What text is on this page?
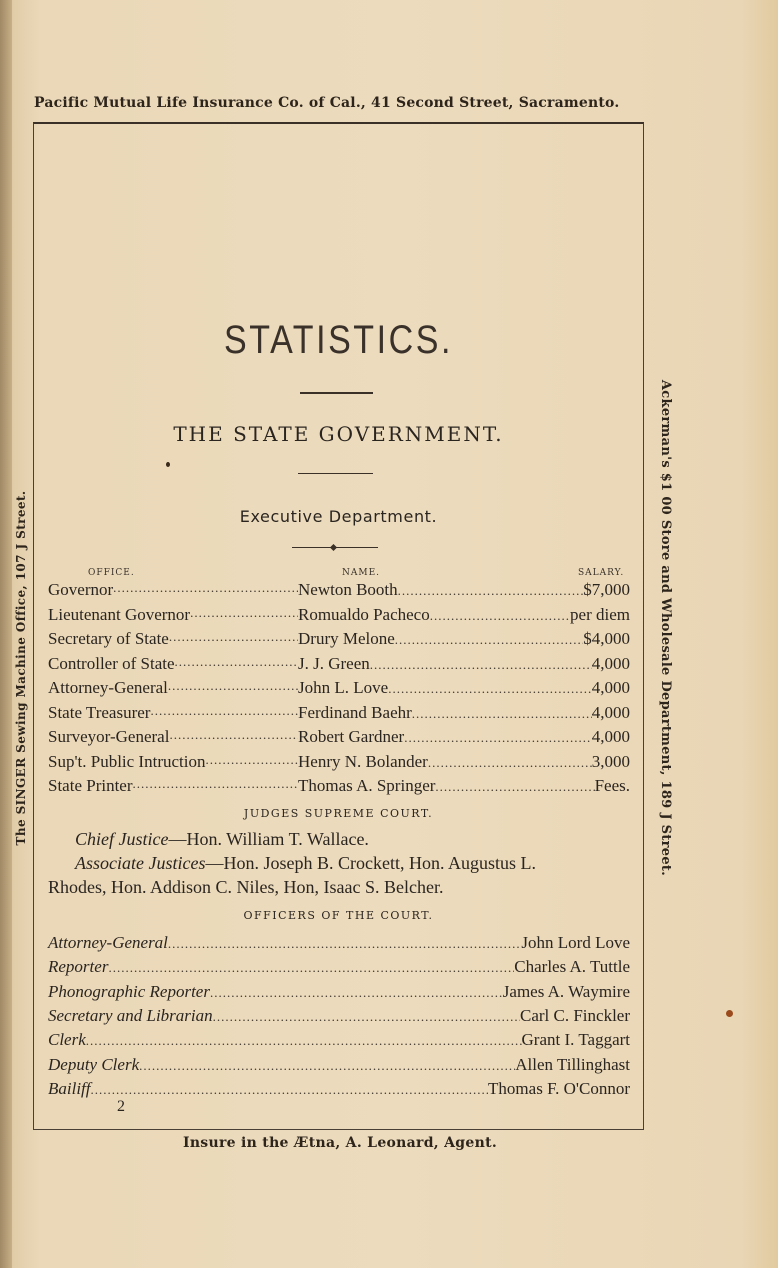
Pacific Mutual Life Insurance Co. of Cal., 41 Second Street, Sacramento.
The SINGER Sewing Machine Office, 107 J Street.	Ackerman's $1 00 Store and Wholesale Department, 189 J Street.
STATISTICS.
THE STATE GOVERNMENT.
Executive Department.
OFFICE.	NAME.	SALARY.
Governor .....	Newton Booth .....	$7,000
Lieutenant Governor .....	Romualdo Pacheco .....	per diem
Secretary of State .....	Drury Melone .....	$4,000
Controller of State .....	J. J. Green .....	4,000
Attorney-General .....	John L. Love .....	4,000
State Treasurer .....	Ferdinand Baehr .....	4,000
Surveyor-General .....	Robert Gardner .....	4,000
Sup't. Public Intruction .....	Henry N. Bolander .....	3,000
State Printer .....	Thomas A. Springer .....	Fees.
JUDGES SUPREME COURT.
Chief Justice—Hon. William T. Wallace.
Associate Justices—Hon. Joseph B. Crockett, Hon. Augustus L.
Rhodes, Hon. Addison C. Niles, Hon, Isaac S. Belcher.
OFFICERS OF THE COURT.
Attorney-General .....	John Lord Love
Reporter .....	Charles A. Tuttle
Phonographic Reporter .....	James A. Waymire
Secretary and Librarian .....	Carl C. Finckler
Clerk .....	Grant I. Taggart
Deputy Clerk .....	Allen Tillinghast
Bailiff .....	Thomas F. O'Connor
2
Insure in the Ætna, A. Leonard, Agent.
